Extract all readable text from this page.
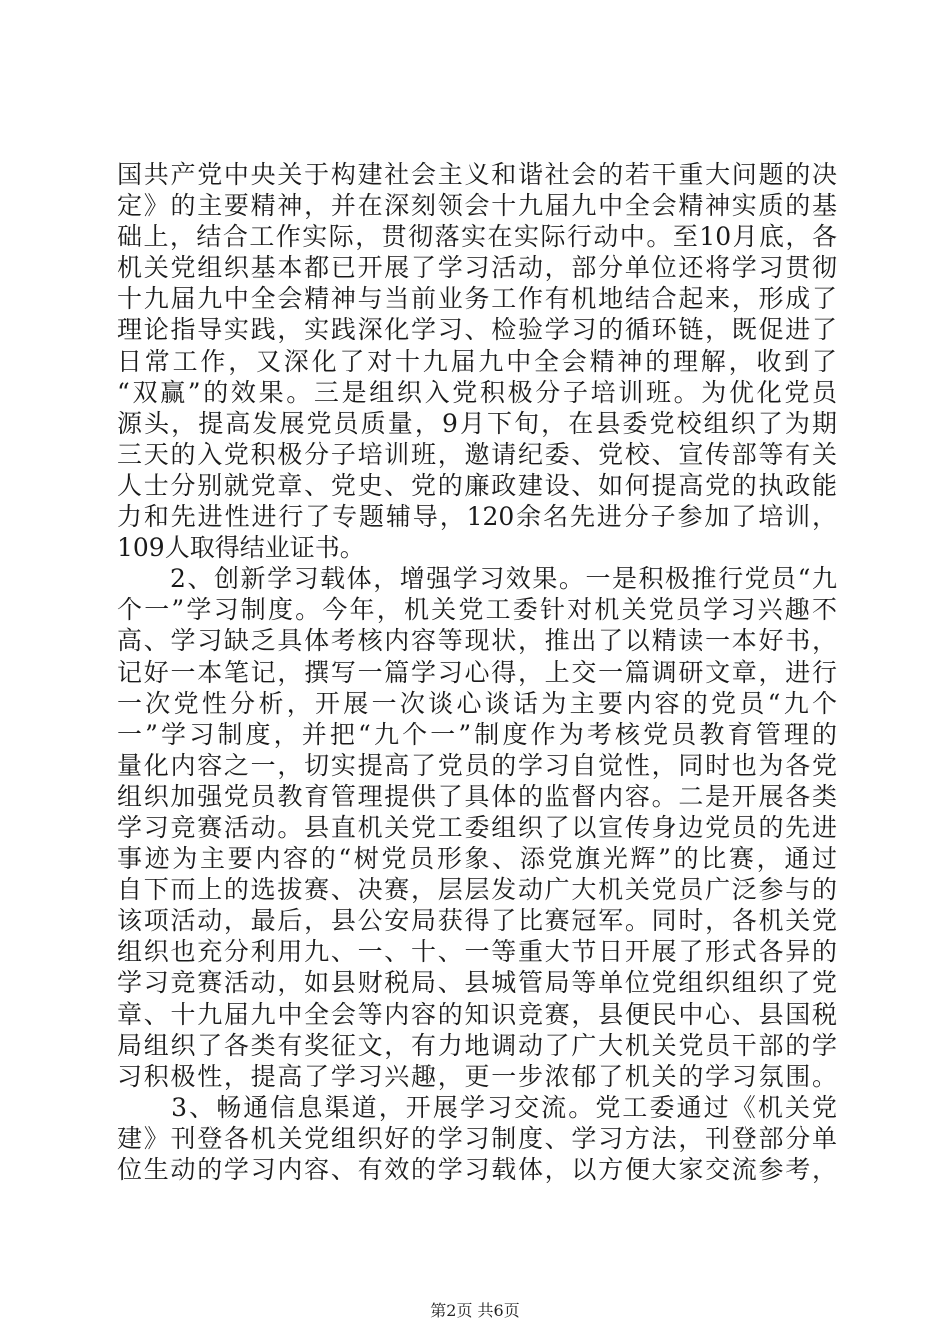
国共产党中央关于构建社会主义和谐社会的若干重大问题的决
定》的主要精神，并在深刻领会十九届九中全会精神实质的基
础上，结合工作实际，贯彻落实在实际行动中。至10月底，各
机关党组织基本都已开展了学习活动，部分单位还将学习贯彻
十九届九中全会精神与当前业务工作有机地结合起来，形成了
理论指导实践，实践深化学习、检验学习的循环链，既促进了
日常工作，又深化了对十九届九中全会精神的理解，收到了
“双赢”的效果。三是组织入党积极分子培训班。为优化党员
源头，提高发展党员质量，9月下旬，在县委党校组织了为期
三天的入党积极分子培训班，邀请纪委、党校、宣传部等有关
人士分别就党章、党史、党的廉政建设、如何提高党的执政能
力和先进性进行了专题辅导，120余名先进分子参加了培训，
109人取得结业证书。
　　2、创新学习载体，增强学习效果。一是积极推行党员“九
个一”学习制度。今年，机关党工委针对机关党员学习兴趣不
高、学习缺乏具体考核内容等现状，推出了以精读一本好书，
记好一本笔记，撰写一篇学习心得，上交一篇调研文章，进行
一次党性分析，开展一次谈心谈话为主要内容的党员“九个
一”学习制度，并把“九个一”制度作为考核党员教育管理的
量化内容之一，切实提高了党员的学习自觉性，同时也为各党
组织加强党员教育管理提供了具体的监督内容。二是开展各类
学习竞赛活动。县直机关党工委组织了以宣传身边党员的先进
事迹为主要内容的“树党员形象、添党旗光辉”的比赛，通过
自下而上的选拔赛、决赛，层层发动广大机关党员广泛参与的
该项活动，最后，县公安局获得了比赛冠军。同时，各机关党
组织也充分利用九、一、十、一等重大节日开展了形式各异的
学习竞赛活动，如县财税局、县城管局等单位党组织组织了党
章、十九届九中全会等内容的知识竞赛，县便民中心、县国税
局组织了各类有奖征文，有力地调动了广大机关党员干部的学
习积极性，提高了学习兴趣，更一步浓郁了机关的学习氛围。
　　3、畅通信息渠道，开展学习交流。党工委通过《机关党
建》刊登各机关党组织好的学习制度、学习方法，刊登部分单
位生动的学习内容、有效的学习载体，以方便大家交流参考，
第2页 共6页
